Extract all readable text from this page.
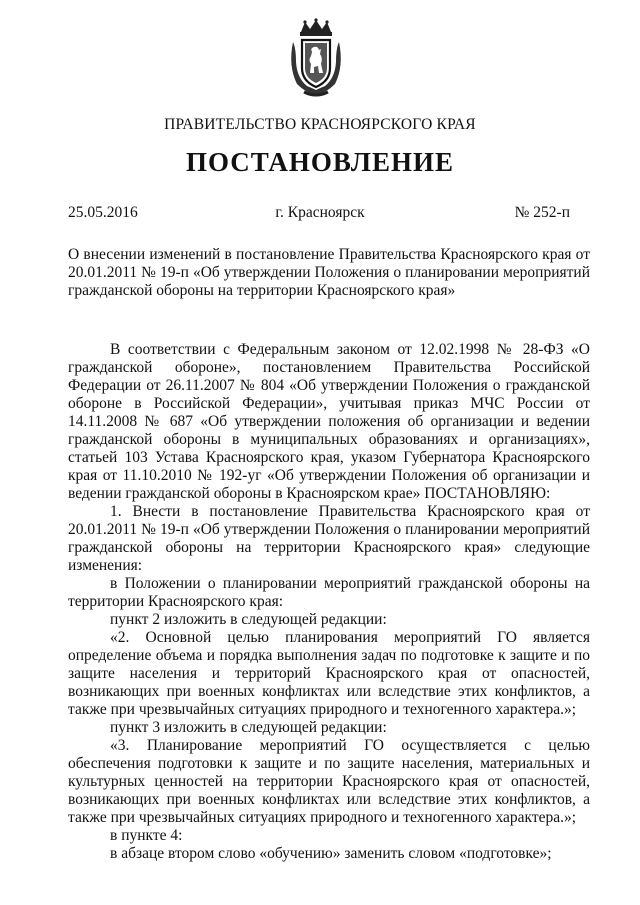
ПРАВИТЕЛЬСТВО КРАСНОЯРСКОГО КРАЯ
ПОСТАНОВЛЕНИЕ
25.05.2016	г. Красноярск	№ 252-п
О внесении изменений в постановление Правительства Красноярского края от 20.01.2011 № 19-п «Об утверждении Положения о планировании мероприятий гражданской обороны на территории Красноярского края»

В соответствии с Федеральным законом от 12.02.1998 № 28-ФЗ «О гражданской обороне», постановлением Правительства Российской Федерации от 26.11.2007 № 804 «Об утверждении Положения о гражданской обороне в Российской Федерации», учитывая приказ МЧС России от 14.11.2008 № 687 «Об утверждении положения об организации и ведении гражданской обороны в муниципальных образованиях и организациях», статьей 103 Устава Красноярского края, указом Губернатора Красноярского края от 11.10.2010 № 192-уг «Об утверждении Положения об организации и ведении гражданской обороны в Красноярском крае» ПОСТАНОВЛЯЮ:

1. Внести в постановление Правительства Красноярского края от 20.01.2011 № 19-п «Об утверждении Положения о планировании мероприятий гражданской обороны на территории Красноярского края» следующие изменения:

в Положении о планировании мероприятий гражданской обороны на территории Красноярского края:

пункт 2 изложить в следующей редакции:

«2. Основной целью планирования мероприятий ГО является определение объема и порядка выполнения задач по подготовке к защите и по защите населения и территорий Красноярского края от опасностей, возникающих при военных конфликтах или вследствие этих конфликтов, а также при чрезвычайных ситуациях природного и техногенного характера.»;

пункт 3 изложить в следующей редакции:

«3. Планирование мероприятий ГО осуществляется с целью обеспечения подготовки к защите и по защите населения, материальных и культурных ценностей на территории Красноярского края от опасностей, возникающих при военных конфликтах или вследствие этих конфликтов, а также при чрезвычайных ситуациях природного и техногенного характера.»;

в пункте 4:

в абзаце втором слово «обучению» заменить словом «подготовке»;
